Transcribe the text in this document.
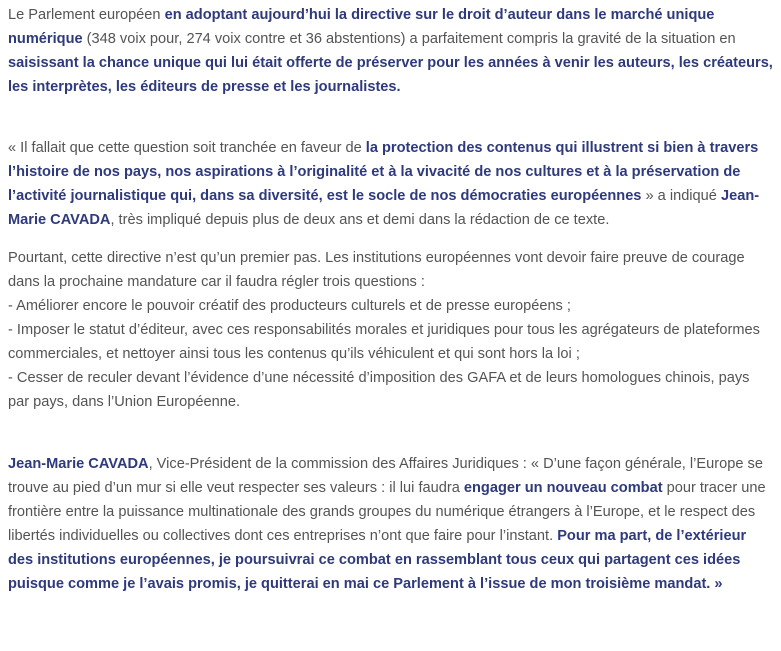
Le Parlement européen en adoptant aujourd’hui la directive sur le droit d’auteur dans le marché unique numérique (348 voix pour, 274 voix contre et 36 abstentions) a parfaitement compris la gravité de la situation en saisissant la chance unique qui lui était offerte de préserver pour les années à venir les auteurs, les créateurs, les interprètes, les éditeurs de presse et les journalistes.

« Il fallait que cette question soit tranchée en faveur de la protection des contenus qui illustrent si bien à travers l’histoire de nos pays, nos aspirations à l’originalité et à la vivacité de nos cultures et à la préservation de l’activité journalistique qui, dans sa diversité, est le socle de nos démocraties européennes » a indiqué Jean-Marie CAVADA, très impliqué depuis plus de deux ans et demi dans la rédaction de ce texte.

Pourtant, cette directive n’est qu’un premier pas. Les institutions européennes vont devoir faire preuve de courage dans la prochaine mandature car il faudra régler trois questions :
- Améliorer encore le pouvoir créatif des producteurs culturels et de presse européens ;
- Imposer le statut d’éditeur, avec ces responsabilités morales et juridiques pour tous les agrégateurs de plateformes commerciales, et nettoyer ainsi tous les contenus qu’ils véhiculent et qui sont hors la loi ;
- Cesser de reculer devant l’évidence d’une nécessité d’imposition des GAFA et de leurs homologues chinois, pays par pays, dans l’Union Européenne.

Jean-Marie CAVADA, Vice-Président de la commission des Affaires Juridiques : « D’une façon générale, l’Europe se trouve au pied d’un mur si elle veut respecter ses valeurs : il lui faudra engager un nouveau combat pour tracer une frontière entre la puissance multinationale des grands groupes du numérique étrangers à l’Europe, et le respect des libertés individuelles ou collectives dont ces entreprises n’ont que faire pour l’instant. Pour ma part, de l’extérieur des institutions européennes, je poursuivrai ce combat en rassemblant tous ceux qui partagent ces idées puisque comme je l’avais promis, je quitterai en mai ce Parlement à l’issue de mon troisième mandat. »
